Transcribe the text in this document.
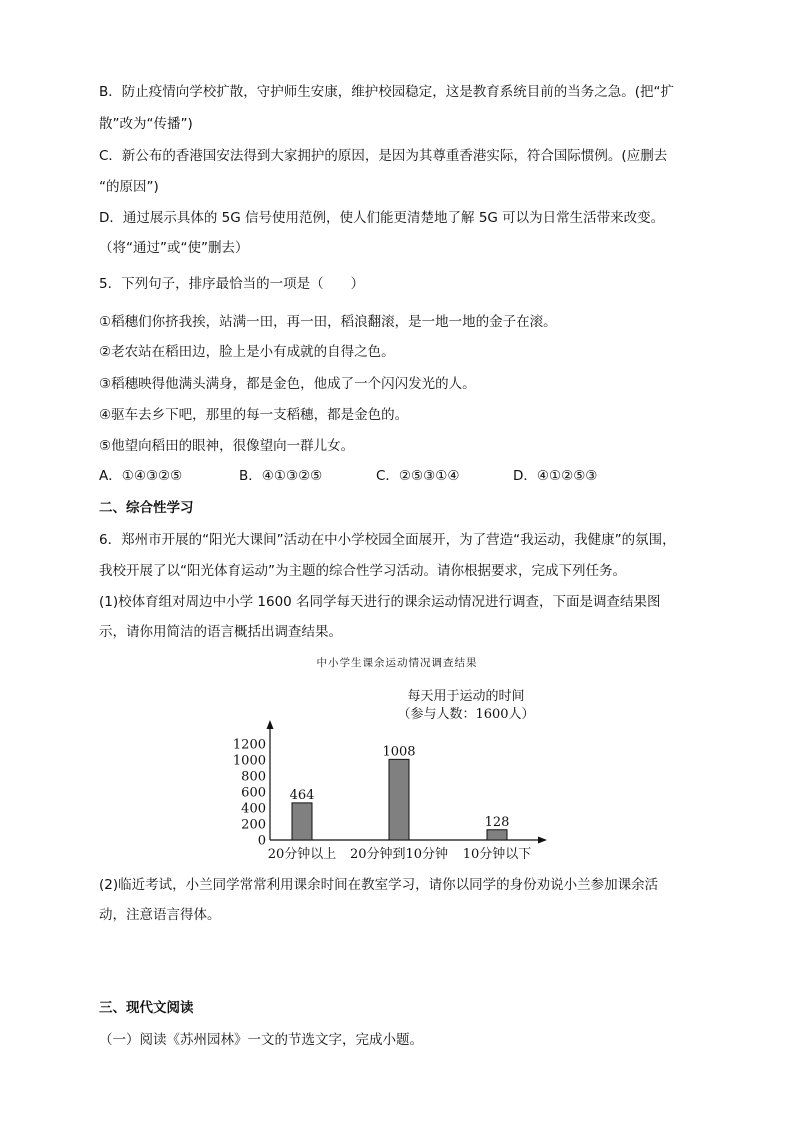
B．防止疫情向学校扩散，守护师生安康，维护校园稳定，这是教育系统目前的当务之急。(把“扩
散”改为“传播”)
C．新公布的香港国安法得到大家拥护的原因，是因为其尊重香港实际，符合国际惯例。(应删去
“的原因”)
D．通过展示具体的 5G 信号使用范例，使人们能更清楚地了解 5G 可以为日常生活带来改变。
（将“通过”或“使”删去）
5．下列句子，排序最恰当的一项是（　　）
①稻穗们你挤我挨，站满一田，再一田，稻浪翻滚，是一地一地的金子在滚。
②老农站在稻田边，脸上是小有成就的自得之色。
③稻穗映得他满头满身，都是金色，他成了一个闪闪发光的人。
④驱车去乡下吧，那里的每一支稻穗，都是金色的。
⑤他望向稻田的眼神，很像望向一群儿女。
A．①④③②⑤	B．④①③②⑤	C．②⑤③①④	D．④①②⑤③
二、综合性学习
6．郑州市开展的“阳光大课间”活动在中小学校园全面展开，为了营造“我运动，我健康”的氛围，
我校开展了以“阳光体育运动”为主题的综合性学习活动。请你根据要求，完成下列任务。
(1)校体育组对周边中小学 1600 名同学每天进行的课余运动情况进行调查，下面是调查结果图
示，请你用简洁的语言概括出调查结果。
中小学生课余运动情况调查结果
每天用于运动的时间
（参与人数：1600人）
0
200
400
600
800
1000
1200
464
20分钟以上
1008
20分钟到10分钟
128
10分钟以下
(2)临近考试，小兰同学常常利用课余时间在教室学习，请你以同学的身份劝说小兰参加课余活
动，注意语言得体。
三、现代文阅读
（一）阅读《苏州园林》一文的节选文字，完成小题。
